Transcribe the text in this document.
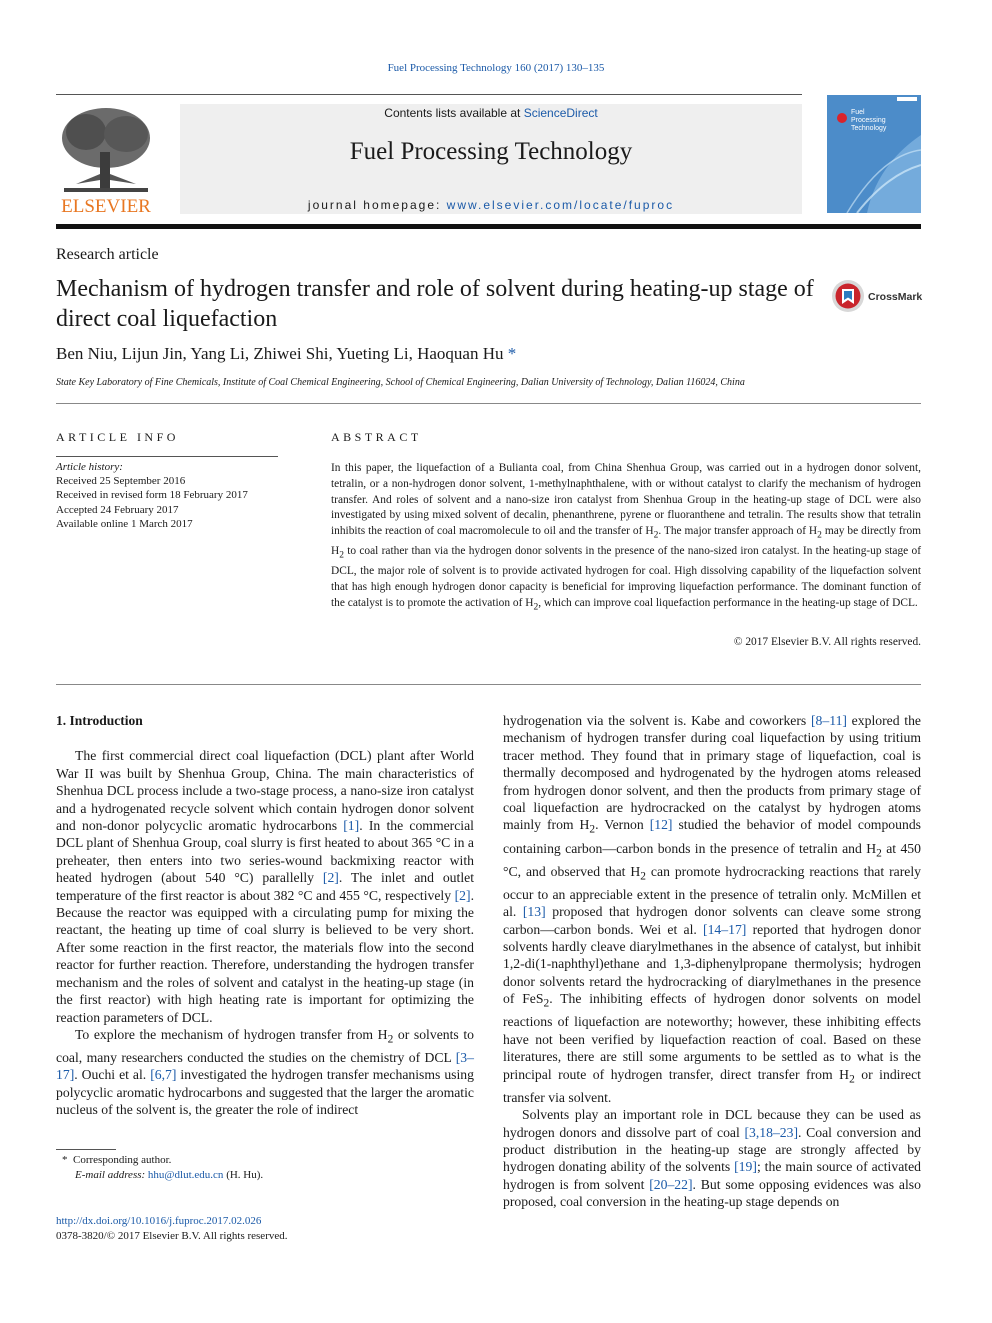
Fuel Processing Technology 160 (2017) 130–135
ELSEVIER
Contents lists available at ScienceDirect
Fuel Processing Technology
journal homepage: www.elsevier.com/locate/fuproc
Fuel
Processing
Technology
Research article
Mechanism of hydrogen transfer and role of solvent during heating-up stage of direct coal liquefaction
CrossMark
Ben Niu, Lijun Jin, Yang Li, Zhiwei Shi, Yueting Li, Haoquan Hu *
State Key Laboratory of Fine Chemicals, Institute of Coal Chemical Engineering, School of Chemical Engineering, Dalian University of Technology, Dalian 116024, China
ARTICLE INFO	ABSTRACT
Article history:
Received 25 September 2016
Received in revised form 18 February 2017
Accepted 24 February 2017
Available online 1 March 2017
In this paper, the liquefaction of a Bulianta coal, from China Shenhua Group, was carried out in a hydrogen donor solvent, tetralin, or a non-hydrogen donor solvent, 1-methylnaphthalene, with or without catalyst to clarify the mechanism of hydrogen transfer. And roles of solvent and a nano-size iron catalyst from Shenhua Group in the heating-up stage of DCL were also investigated by using mixed solvent of decalin, phenanthrene, pyrene or fluoranthene and tetralin. The results show that tetralin inhibits the reaction of coal macromolecule to oil and the transfer of $H_2$. The major transfer approach of $H_2$ may be directly from $H_2$ to coal rather than via the hydrogen donor solvents in the presence of the nano-sized iron catalyst. In the heating-up stage of DCL, the major role of solvent is to provide activated hydrogen for coal. High dissolving capability of the liquefaction solvent that has high enough hydrogen donor capacity is beneficial for improving liquefaction performance. The dominant function of the catalyst is to promote the activation of $H_2$, which can improve coal liquefaction performance in the heating-up stage of DCL.
© 2017 Elsevier B.V. All rights reserved.
1. Introduction

The first commercial direct coal liquefaction (DCL) plant after World War II was built by Shenhua Group, China. The main characteristics of Shenhua DCL process include a two-stage process, a nano-size iron catalyst and a hydrogenated recycle solvent which contain hydrogen donor solvent and non-donor polycyclic aromatic hydrocarbons [1]. In the commercial DCL plant of Shenhua Group, coal slurry is first heated to about 365 °C in a preheater, then enters into two series-wound backmixing reactor with heated hydrogen (about 540 °C) parallelly [2]. The inlet and outlet temperature of the first reactor is about 382 °C and 455 °C, respectively [2]. Because the reactor was equipped with a circulating pump for mixing the reactant, the heating up time of coal slurry is believed to be very short. After some reaction in the first reactor, the materials flow into the second reactor for further reaction. Therefore, understanding the hydrogen transfer mechanism and the roles of solvent and catalyst in the heating-up stage (in the first reactor) with high heating rate is important for optimizing the reaction parameters of DCL.

To explore the mechanism of hydrogen transfer from $H_2$ or solvents to coal, many researchers conducted the studies on the chemistry of DCL [3–17]. Ouchi et al. [6,7] investigated the hydrogen transfer mechanisms using polycyclic aromatic hydrocarbons and suggested that the larger the aromatic nucleus of the solvent is, the greater the role of indirect

hydrogenation via the solvent is. Kabe and coworkers [8–11] explored the mechanism of hydrogen transfer during coal liquefaction by using tritium tracer method. They found that in primary stage of liquefaction, coal is thermally decomposed and hydrogenated by the hydrogen atoms released from hydrogen donor solvent, and then the products from primary stage of coal liquefaction are hydrocracked on the catalyst by hydrogen atoms mainly from $H_2$. Vernon [12] studied the behavior of model compounds containing carbon—carbon bonds in the presence of tetralin and $H_2$ at 450 °C, and observed that $H_2$ can promote hydrocracking reactions that rarely occur to an appreciable extent in the presence of tetralin only. McMillen et al. [13] proposed that hydrogen donor solvents can cleave some strong carbon—carbon bonds. Wei et al. [14–17] reported that hydrogen donor solvents hardly cleave diarylmethanes in the absence of catalyst, but inhibit 1,2-di(1-naphthyl)ethane and 1,3-diphenylpropane thermolysis; hydrogen donor solvents retard the hydrocracking of diarylmethanes in the presence of FeS$_2$. The inhibiting effects of hydrogen donor solvents on model reactions of liquefaction are noteworthy; however, these inhibiting effects have not been verified by liquefaction reaction of coal. Based on these literatures, there are still some arguments to be settled as to what is the principal route of hydrogen transfer, direct transfer from $H_2$ or indirect transfer via solvent.

Solvents play an important role in DCL because they can be used as hydrogen donors and dissolve part of coal [3,18–23]. Coal conversion and product distribution in the heating-up stage are strongly affected by hydrogen donating ability of the solvents [19]; the main source of activated hydrogen is from solvent [20–22]. But some opposing evidences was also proposed, coal conversion in the heating-up stage depends on

* Corresponding author.
E-mail address: hhu@dlut.edu.cn (H. Hu).
http://dx.doi.org/10.1016/j.fuproc.2017.02.026
0378-3820/© 2017 Elsevier B.V. All rights reserved.
